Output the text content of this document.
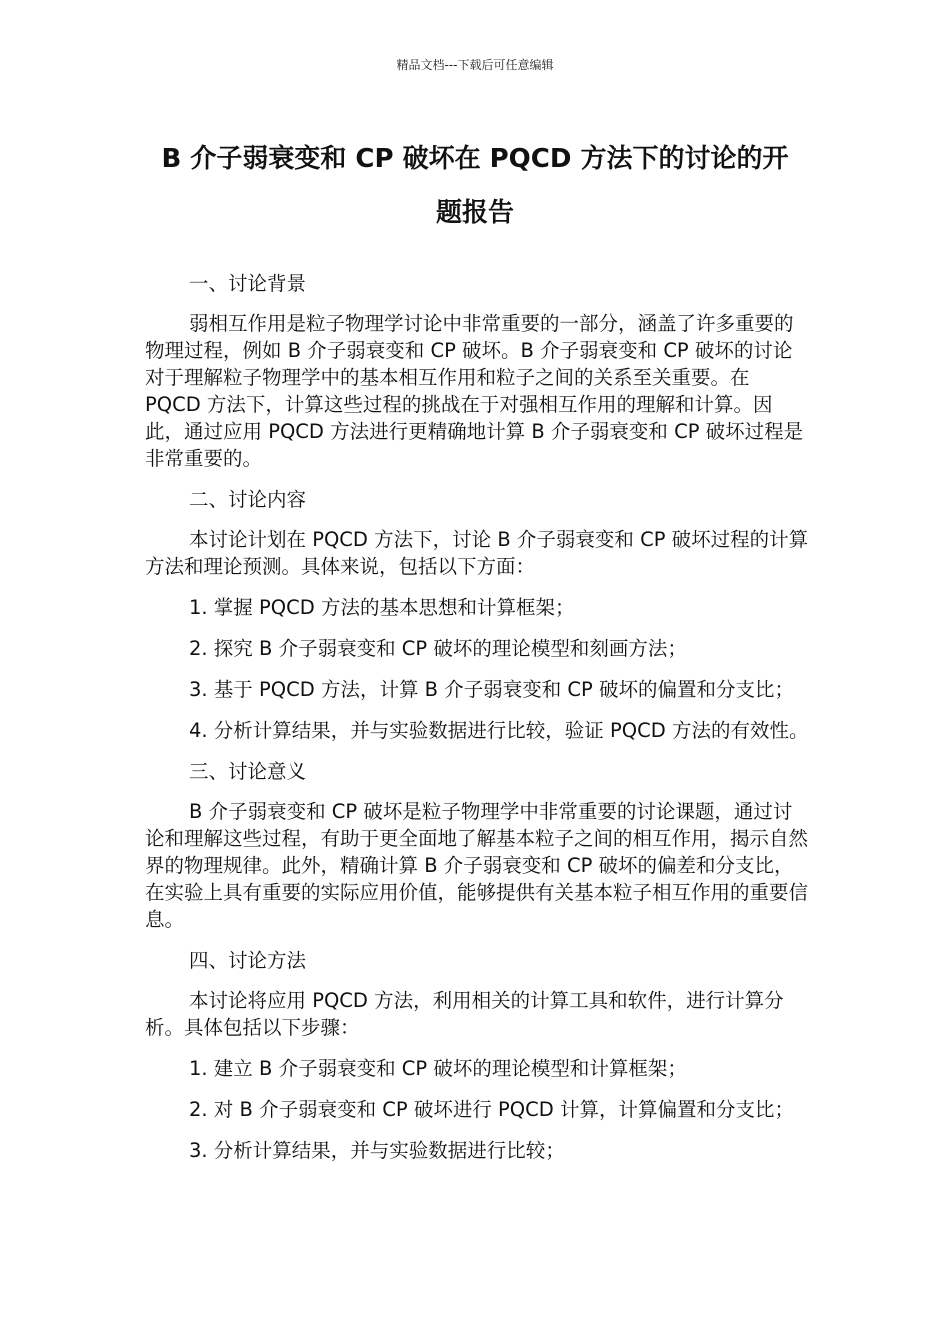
精品文档---下载后可任意编辑
B 介子弱衰变和 CP 破坏在 PQCD 方法下的讨论的开
题报告
一、讨论背景

弱相互作用是粒子物理学讨论中非常重要的一部分，涵盖了许多重要的物理过程，例如 B 介子弱衰变和 CP 破坏。B 介子弱衰变和 CP 破坏的讨论对于理解粒子物理学中的基本相互作用和粒子之间的关系至关重要。在 PQCD 方法下，计算这些过程的挑战在于对强相互作用的理解和计算。因此，通过应用 PQCD 方法进行更精确地计算 B 介子弱衰变和 CP 破坏过程是非常重要的。

二、讨论内容

本讨论计划在 PQCD 方法下，讨论 B 介子弱衰变和 CP 破坏过程的计算方法和理论预测。具体来说，包括以下方面：

1. 掌握 PQCD 方法的基本思想和计算框架；
2. 探究 B 介子弱衰变和 CP 破坏的理论模型和刻画方法；
3. 基于 PQCD 方法，计算 B 介子弱衰变和 CP 破坏的偏置和分支比；
4. 分析计算结果，并与实验数据进行比较，验证 PQCD 方法的有效性。
三、讨论意义

B 介子弱衰变和 CP 破坏是粒子物理学中非常重要的讨论课题，通过讨论和理解这些过程，有助于更全面地了解基本粒子之间的相互作用，揭示自然界的物理规律。此外，精确计算 B 介子弱衰变和 CP 破坏的偏差和分支比，在实验上具有重要的实际应用价值，能够提供有关基本粒子相互作用的重要信息。

四、讨论方法

本讨论将应用 PQCD 方法，利用相关的计算工具和软件，进行计算分析。具体包括以下步骤：

1. 建立 B 介子弱衰变和 CP 破坏的理论模型和计算框架；
2. 对 B 介子弱衰变和 CP 破坏进行 PQCD 计算，计算偏置和分支比；
3. 分析计算结果，并与实验数据进行比较；
